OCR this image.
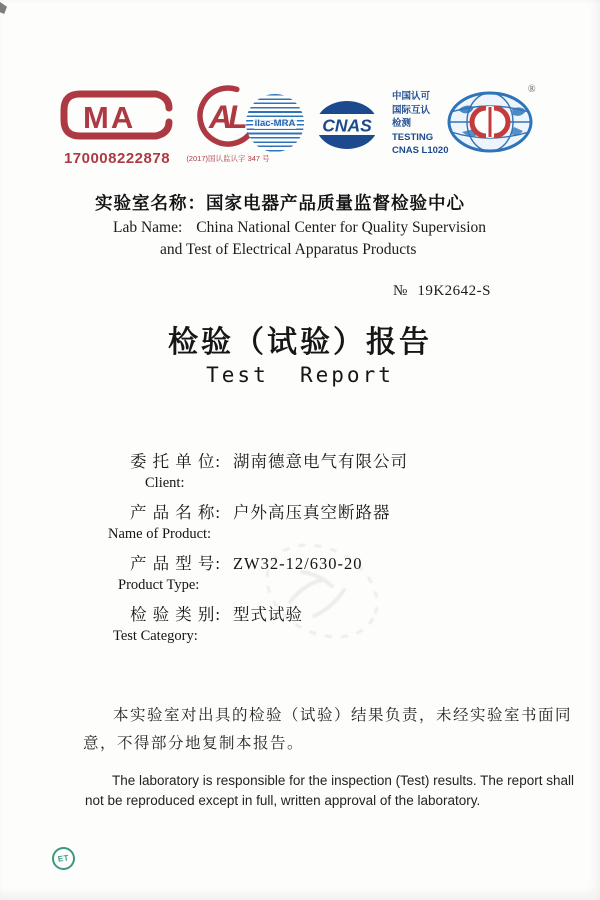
MA
170008222878
AL
(2017)国认监认字 347 号
ilac-MRA CNAS
中国认可
国际互认
检测
TESTING
CNAS L1020
®
实验室名称：国家电器产品质量监督检验中心
Lab Name: China National Center for Quality Supervision
and Test of Electrical Apparatus Products
№ 19K2642-S
检验（试验）报告
Test  Report
委 托 单 位: 湖南德意电气有限公司
Client:
产 品 名 称: 户外高压真空断路器
Name of Product:
产 品 型 号: ZW32-12/630-20
Product Type:
检 验 类 别: 型式试验
Test Category:
本实验室对出具的检验（试验）结果负责，未经实验室书面同意，不得部分地复制本报告。
The laboratory is responsible for the inspection (Test) results. The report shall not be reproduced except in full, written approval of the laboratory.
ET
